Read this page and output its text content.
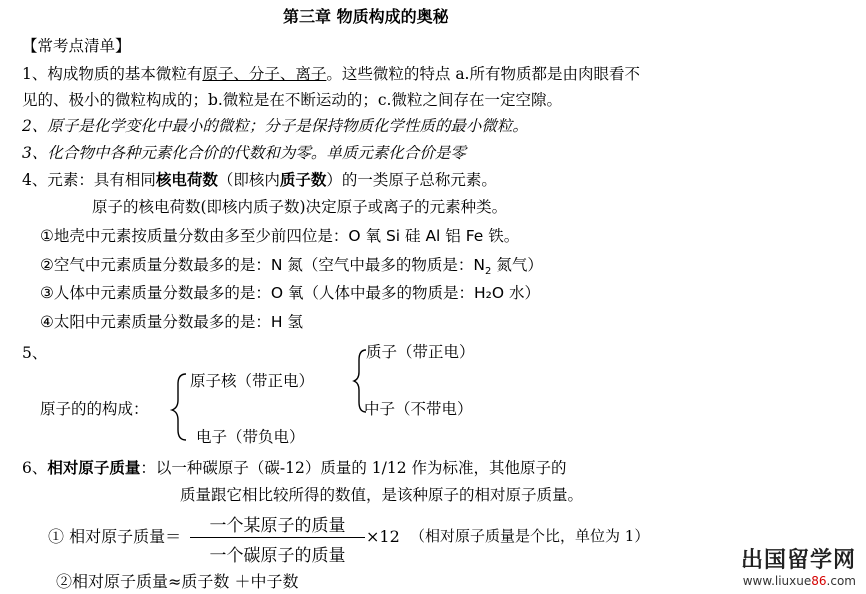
第三章 物质构成的奥秘
【常考点清单】
1、构成物质的基本微粒有原子、分子、离子。这些微粒的特点 a.所有物质都是由肉眼看不
见的、极小的微粒构成的；b.微粒是在不断运动的；c.微粒之间存在一定空隙。
2、原子是化学变化中最小的微粒；分子是保持物质化学性质的最小微粒。
3、化合物中各种元素化合价的代数和为零。单质元素化合价是零
4、元素：具有相同核电荷数（即核内质子数）的一类原子总称元素。
原子的核电荷数(即核内质子数)决定原子或离子的元素种类。
①地壳中元素按质量分数由多至少前四位是：O 氧 Si 硅 Al 铝 Fe 铁。
②空气中元素质量分数最多的是：N 氮（空气中最多的物质是：$N_2$ 氮气）
③人体中元素质量分数最多的是：O 氧（人体中最多的物质是：H₂O 水）
④太阳中元素质量分数最多的是：H 氢
5、	质子（带正电）
原子核（带正电）
原子的的构成：	中子（不带电）
电子（带负电）
6、相对原子质量：以一种碳原子（碳-12）质量的 1/12 作为标准，其他原子的
质量跟它相比较所得的数值，是该种原子的相对原子质量。
① 相对原子质量＝
一个某原子的质量
一个碳原子的质量
×12 （相对原子质量是个比，单位为 1）
②相对原子质量≈质子数 ＋中子数
出国留学网
www.liuxue86.com
